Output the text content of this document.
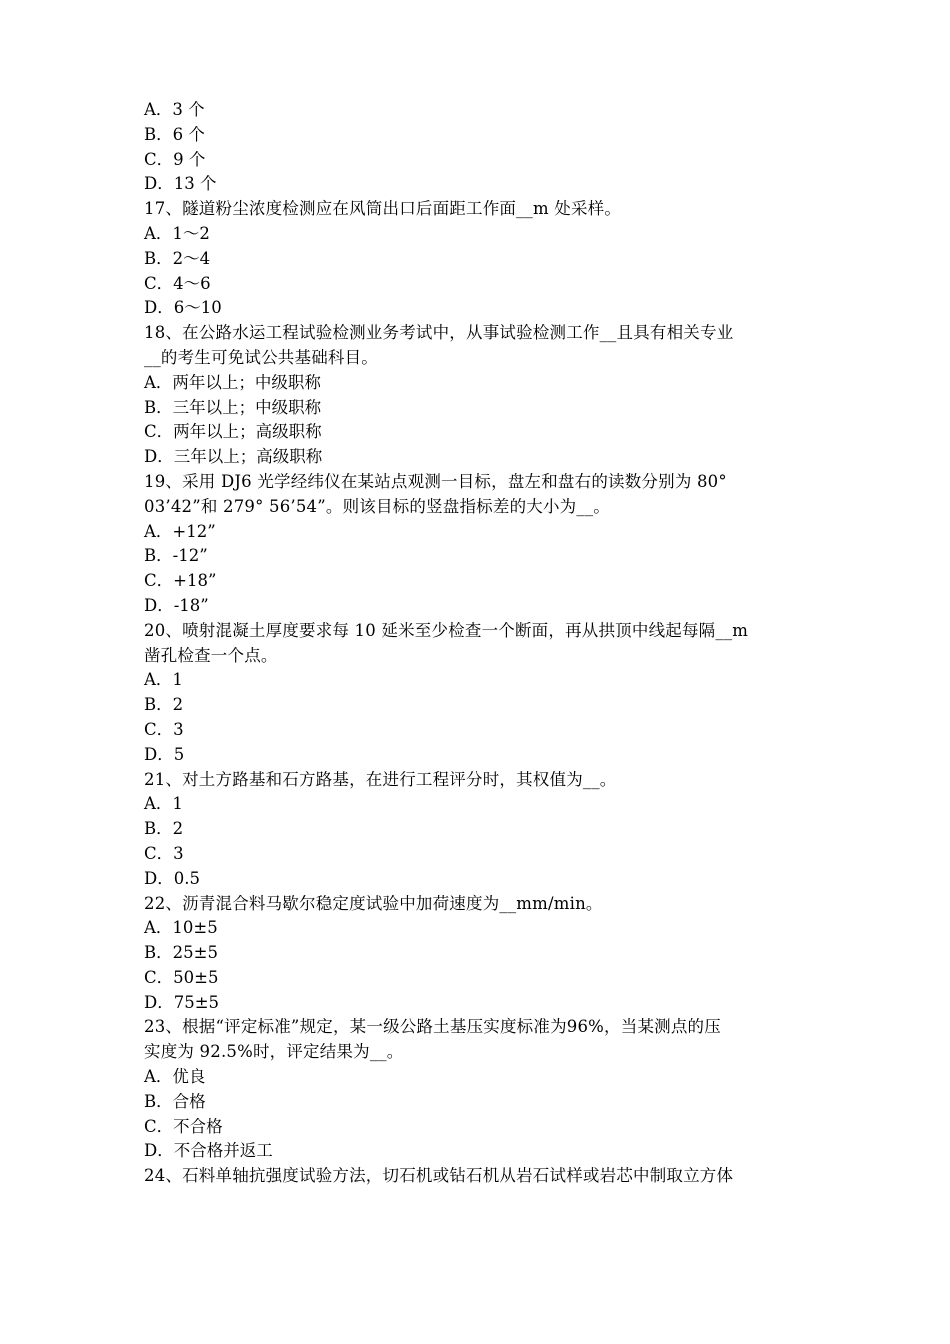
A．3 个
B．6 个
C．9 个
D．13 个
17、隧道粉尘浓度检测应在风筒出口后面距工作面__m 处采样。
A．1～2
B．2～4
C．4～6
D．6～10
18、在公路水运工程试验检测业务考试中，从事试验检测工作__且具有相关专业
__的考生可免试公共基础科目。
A．两年以上；中级职称
B．三年以上；中级职称
C．两年以上；高级职称
D．三年以上；高级职称
19、采用 DJ6 光学经纬仪在某站点观测一目标，盘左和盘右的读数分别为 80°
03’42”和 279° 56’54”。则该目标的竖盘指标差的大小为__。
A．+12”
B．-12”
C．+18”
D．-18”
20、喷射混凝土厚度要求每 10 延米至少检查一个断面，再从拱顶中线起每隔__m
凿孔检查一个点。
A．1
B．2
C．3
D．5
21、对土方路基和石方路基，在进行工程评分时，其权值为__。
A．1
B．2
C．3
D．0.5
22、沥青混合料马歇尔稳定度试验中加荷速度为__mm/min。
A．10±5
B．25±5
C．50±5
D．75±5
23、根据“评定标准”规定，某一级公路土基压实度标准为96%，当某测点的压
实度为 92.5%时，评定结果为__。
A．优良
B．合格
C．不合格
D．不合格并返工
24、石料单轴抗强度试验方法，切石机或钻石机从岩石试样或岩芯中制取立方体
